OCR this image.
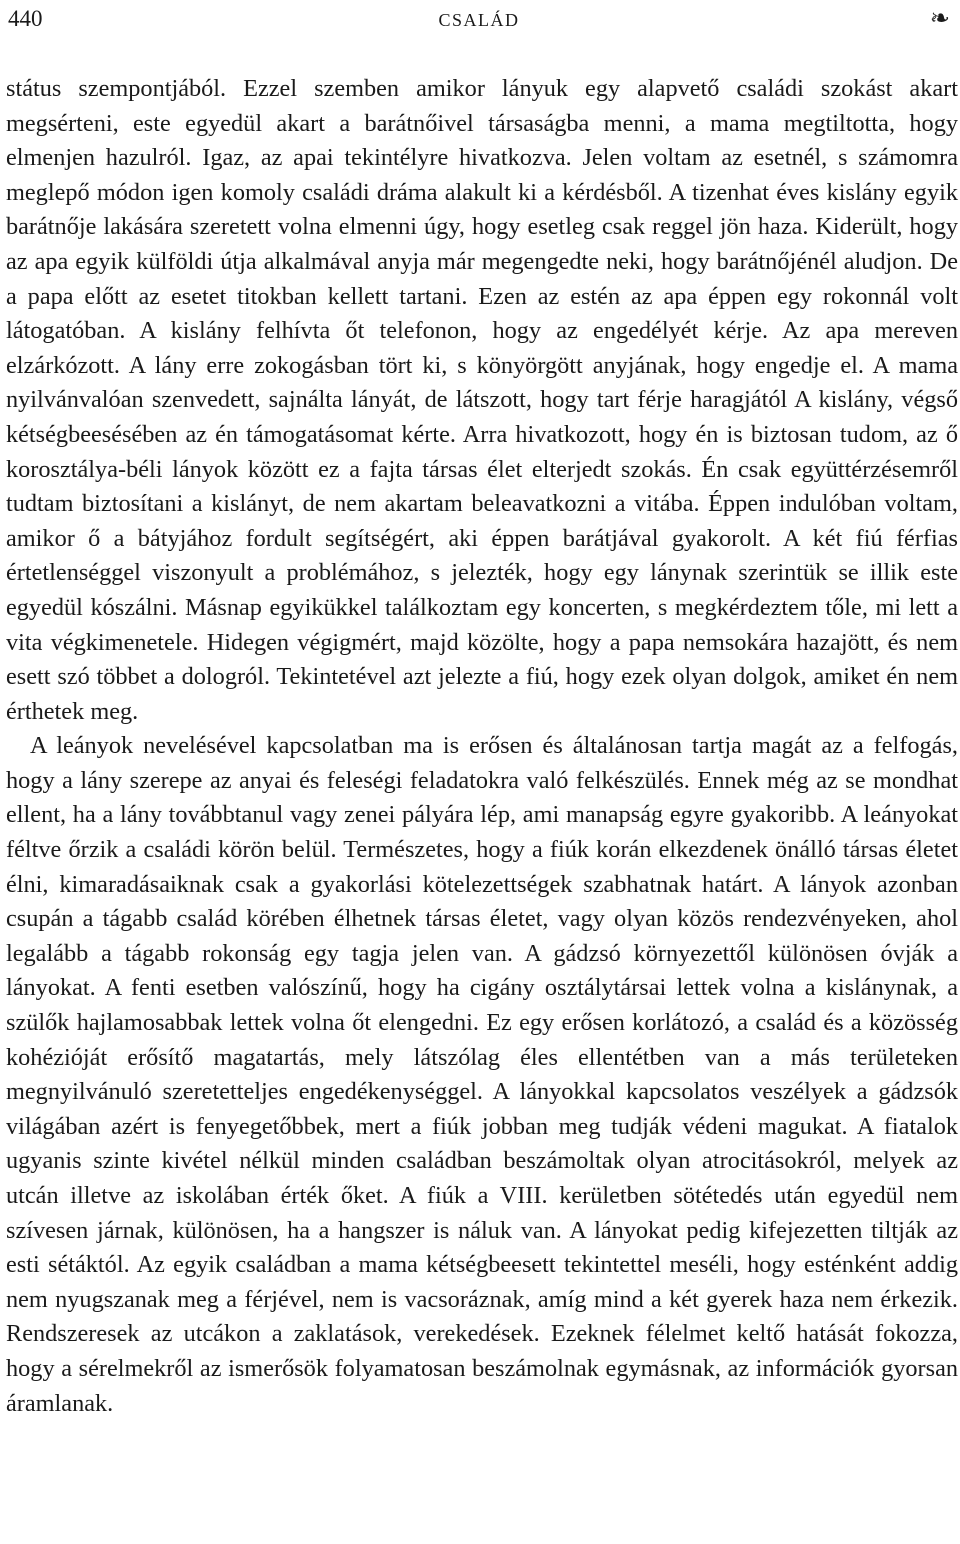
440	CSALÁD	❧

státus szempontjából. Ezzel szemben amikor lányuk egy alapvető családi szokást akart megsérteni, este egyedül akart a barátnőivel társaságba menni, a mama megtiltotta, hogy elmenjen hazulról. Igaz, az apai tekintélyre hivatkozva. Jelen voltam az esetnél, s számomra meglepő módon igen komoly családi dráma alakult ki a kérdésből. A tizenhat éves kislány egyik barátnője lakására szeretett volna elmenni úgy, hogy esetleg csak reggel jön haza. Kiderült, hogy az apa egyik külföldi útja alkalmával anyja már megengedte neki, hogy barátnőjénél aludjon. De a papa előtt az esetet titokban kellett tartani. Ezen az estén az apa éppen egy rokonnál volt látogatóban. A kislány felhívta őt telefonon, hogy az engedélyét kérje. Az apa mereven elzárkózott. A lány erre zokogásban tört ki, s könyörgött anyjának, hogy engedje el. A mama nyilvánvalóan szenvedett, sajnálta lányát, de látszott, hogy tart férje haragjától A kislány, végső kétségbeesésében az én támogatásomat kérte. Arra hivatkozott, hogy én is biztosan tudom, az ő korosztálya-béli lányok között ez a fajta társas élet elterjedt szokás. Én csak együttérzésemről tudtam biztosítani a kislányt, de nem akartam beleavatkozni a vitába. Éppen indulóban voltam, amikor ő a bátyjához fordult segítségért, aki éppen barátjával gyakorolt. A két fiú férfias értetlenséggel viszonyult a problémához, s jelezték, hogy egy lánynak szerintük se illik este egyedül kószálni. Másnap egyikükkel találkoztam egy koncerten, s megkérdeztem tőle, mi lett a vita végkimenetele. Hidegen végigmért, majd közölte, hogy a papa nemsokára hazajött, és nem esett szó többet a dologról. Tekintetével azt jelezte a fiú, hogy ezek olyan dolgok, amiket én nem érthetek meg.

A leányok nevelésével kapcsolatban ma is erősen és általánosan tartja magát az a felfogás, hogy a lány szerepe az anyai és feleségi feladatokra való felkészülés. Ennek még az se mondhat ellent, ha a lány továbbtanul vagy zenei pályára lép, ami manapság egyre gyakoribb. A leányokat féltve őrzik a családi körön belül. Természetes, hogy a fiúk korán elkezdenek önálló társas életet élni, kimaradásaiknak csak a gyakorlási kötelezettségek szabhatnak határt. A lányok azonban csupán a tágabb család körében élhetnek társas életet, vagy olyan közös rendezvényeken, ahol legalább a tágabb rokonság egy tagja jelen van. A gádzsó környezettől különösen óvják a lányokat. A fenti esetben valószínű, hogy ha cigány osztálytársai lettek volna a kislánynak, a szülők hajlamosabbak lettek volna őt elengedni. Ez egy erősen korlátozó, a család és a közösség kohézióját erősítő magatartás, mely látszólag éles ellentétben van a más területeken megnyilvánuló szeretetteljes engedékenységgel. A lányokkal kapcsolatos veszélyek a gádzsók világában azért is fenyegetőbbek, mert a fiúk jobban meg tudják védeni magukat. A fiatalok ugyanis szinte kivétel nélkül minden családban beszámoltak olyan atrocitásokról, melyek az utcán illetve az iskolában érték őket. A fiúk a VIII. kerületben sötétedés után egyedül nem szívesen járnak, különösen, ha a hangszer is náluk van. A lányokat pedig kifejezetten tiltják az esti sétáktól. Az egyik családban a mama kétségbeesett tekintettel meséli, hogy esténként addig nem nyugszanak meg a férjével, nem is vacsoráznak, amíg mind a két gyerek haza nem érkezik. Rendszeresek az utcákon a zaklatások, verekedések. Ezeknek félelmet keltő hatását fokozza, hogy a sérelmekről az ismerősök folyamatosan beszámolnak egymásnak, az információk gyorsan áramlanak.
